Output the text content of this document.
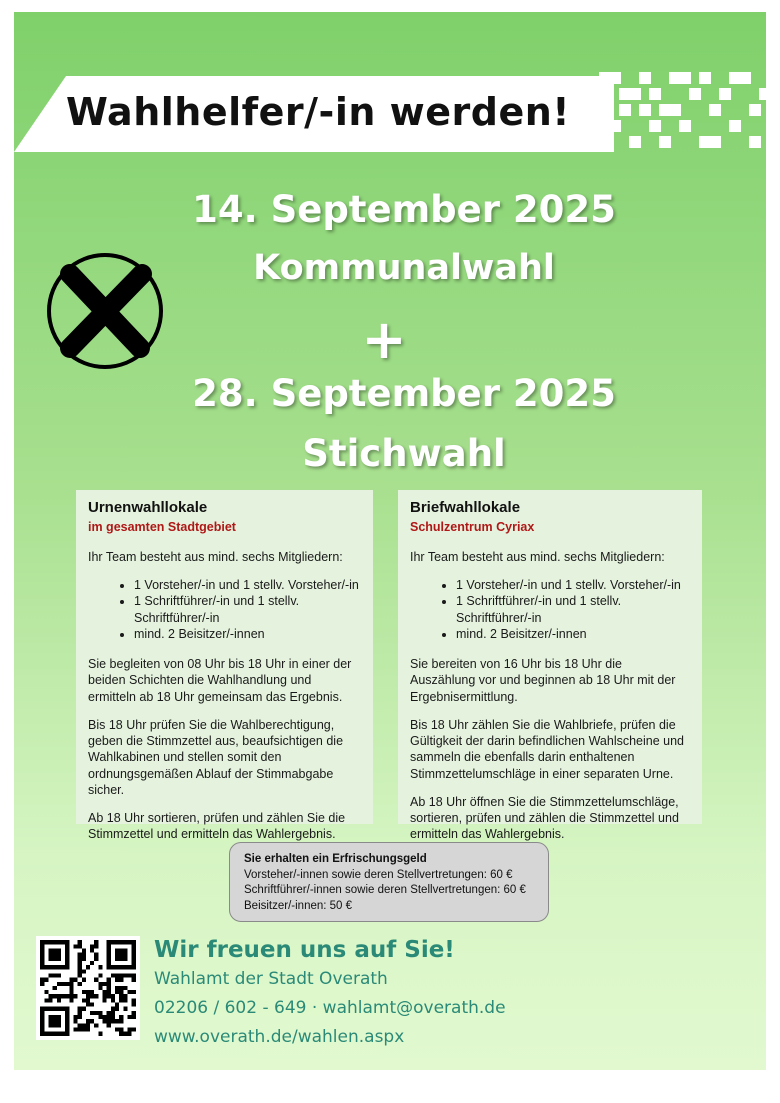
Wahlhelfer/-in werden!
14. September 2025
Kommunalwahl
+
28. September 2025
Stichwahl
Urnenwahllokale
im gesamten Stadtgebiet

Ihr Team besteht aus mind. sechs Mitgliedern:

• 1 Vorsteher/-in und 1 stellv. Vorsteher/-in
• 1 Schriftführer/-in und 1 stellv. Schriftführer/-in
• mind. 2 Beisitzer/-innen

Sie begleiten von 08 Uhr bis 18 Uhr in einer der beiden Schichten die Wahlhandlung und ermitteln ab 18 Uhr gemeinsam das Ergebnis.

Bis 18 Uhr prüfen Sie die Wahlberechtigung, geben die Stimmzettel aus, beaufsichtigen die Wahlkabinen und stellen somit den ordnungsgemäßen Ablauf der Stimmabgabe sicher.

Ab 18 Uhr sortieren, prüfen und zählen Sie die Stimmzettel und ermitteln das Wahlergebnis.

Briefwahllokale
Schulzentrum Cyriax

Ihr Team besteht aus mind. sechs Mitgliedern:

• 1 Vorsteher/-in und 1 stellv. Vorsteher/-in
• 1 Schriftführer/-in und 1 stellv. Schriftführer/-in
• mind. 2 Beisitzer/-innen

Sie bereiten von 16 Uhr bis 18 Uhr die Auszählung vor und beginnen ab 18 Uhr mit der Ergebnisermittlung.

Bis 18 Uhr zählen Sie die Wahlbriefe, prüfen die Gültigkeit der darin befindlichen Wahlscheine und sammeln die ebenfalls darin enthaltenen Stimmzettelumschläge in einer separaten Urne.

Ab 18 Uhr öffnen Sie die Stimmzettelumschläge, sortieren, prüfen und zählen die Stimmzettel und ermitteln das Wahlergebnis.

Sie erhalten ein Erfrischungsgeld
Vorsteher/-innen sowie deren Stellvertretungen: 60 €
Schriftführer/-innen sowie deren Stellvertretungen: 60 €
Beisitzer/-innen: 50 €
Wir freuen uns auf Sie!
Wahlamt der Stadt Overath
02206 / 602 - 649 · wahlamt@overath.de
www.overath.de/wahlen.aspx
